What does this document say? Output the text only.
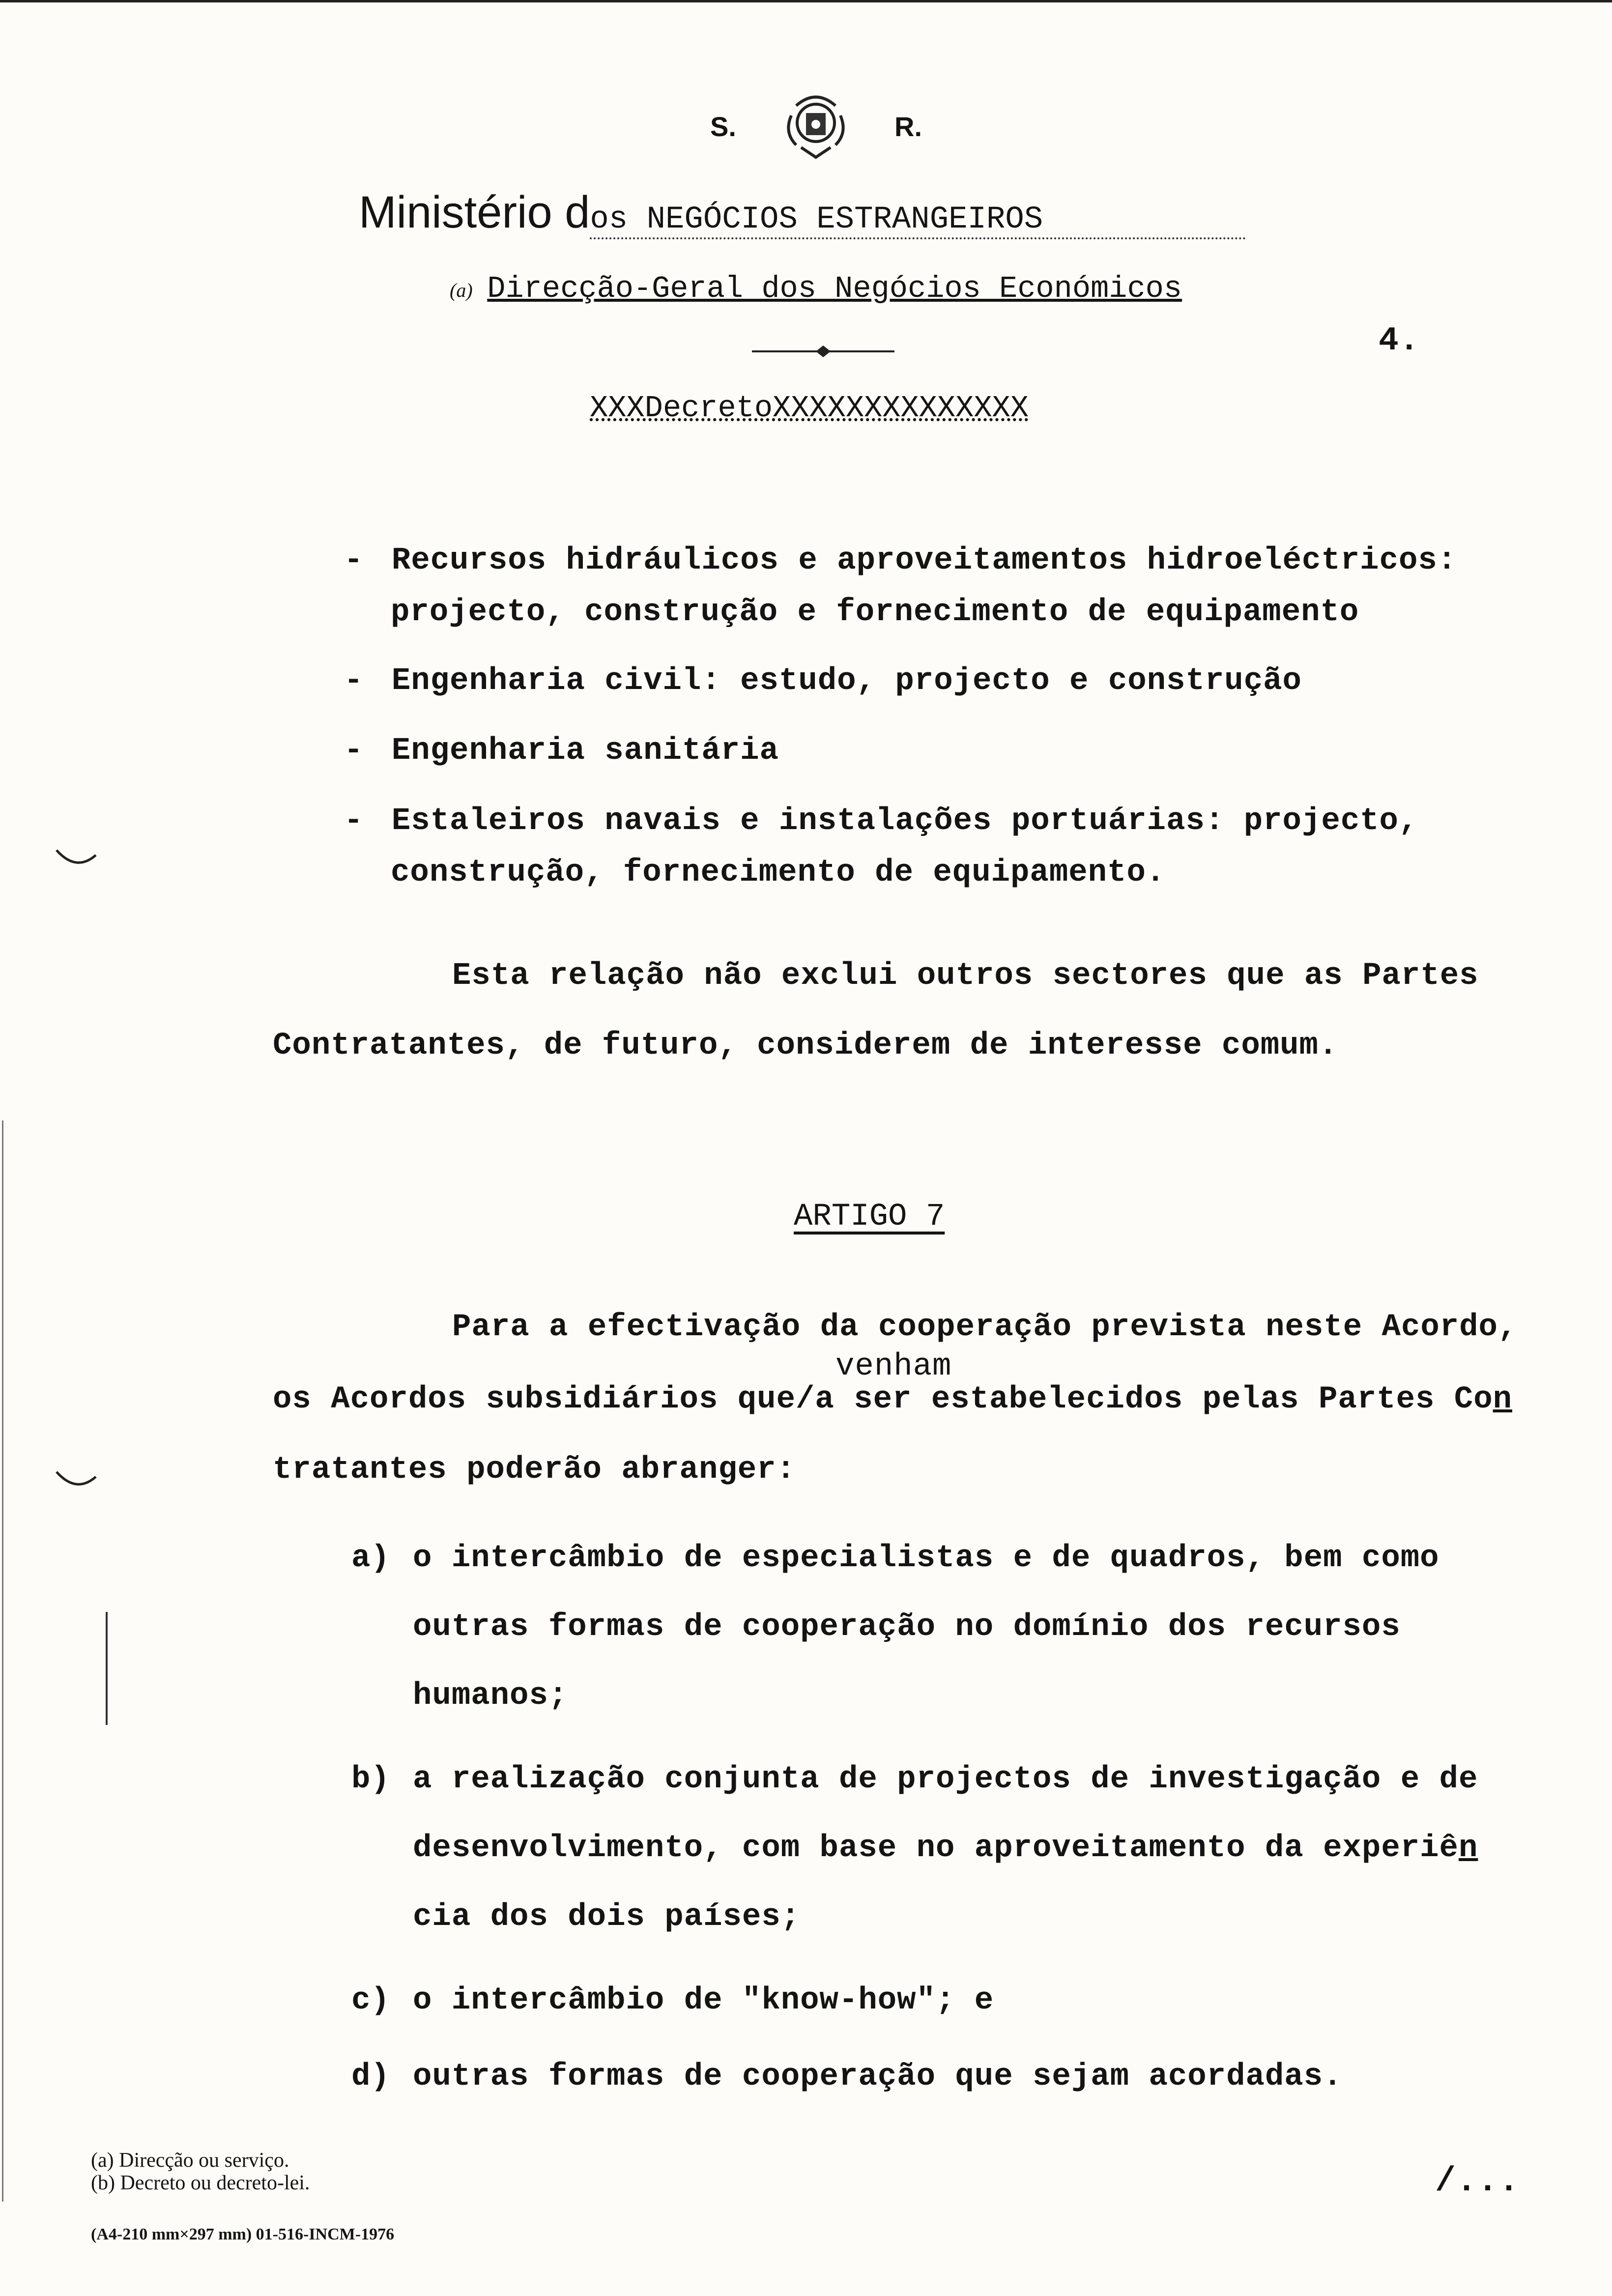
S.	R.
Ministério dos NEGÓCIOS ESTRANGEIROS
(a) Direcção-Geral dos Negócios Económicos
4.
XXXDecretoXXXXXXXXXXXXXX
- Recursos hidráulicos e aproveitamentos hidroeléctricos:
projecto, construção e fornecimento de equipamento
- Engenharia civil: estudo, projecto e construção
- Engenharia sanitária
- Estaleiros navais e instalações portuárias: projecto,
construção, fornecimento de equipamento.
Esta relação não exclui outros sectores que as Partes
Contratantes, de futuro, considerem de interesse comum.
ARTIGO 7
Para a efectivação da cooperação prevista neste Acordo,
venham
os Acordos subsidiários que/a ser estabelecidos pelas Partes Con
tratantes poderão abranger:
a) o intercâmbio de especialistas e de quadros, bem como
outras formas de cooperação no domínio dos recursos
humanos;
b) a realização conjunta de projectos de investigação e de
desenvolvimento, com base no aproveitamento da experiên
cia dos dois países;
c) o intercâmbio de "know-how"; e
d) outras formas de cooperação que sejam acordadas.
(a) Direcção ou serviço.
(b) Decreto ou decreto-lei.
(A4-210 mm×297 mm) 01-516-INCM-1976
/...
